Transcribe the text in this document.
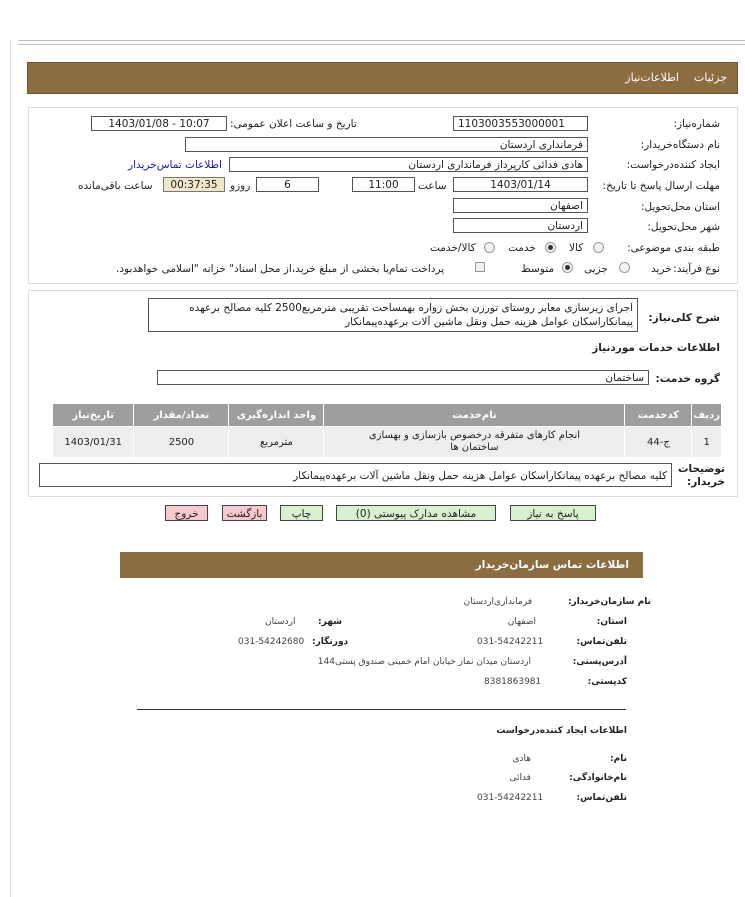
جزئیات
اطلاعات‌نیاز
شماره‌نیاز:
1103003553000001
تاریخ و ساعت اعلان عمومی:
1403/01/08 - 10:07
نام دستگاه‌خریدار:
فرمانداری اردستان
ایجاد کننده‌درخواست:
هادی فدائی کارپرداز فرمانداری اردستان
اطلاعات تماس‌خریدار
مهلت ارسال پاسخ تا تاریخ:
1403/01/14
ساعت
11:00
6
روزو
00:37:35
ساعت باقی‌مانده
استان محل‌تحویل:
اصفهان
شهر محل‌تحویل:
اردستان
طبقه بندی موضوعی:
کالا
خدمت
کالا/خدمت
نوع فرآیند:
خرید
جزیی
متوسط
پرداخت تمام‌یا بخشی از مبلغ خرید،از محل اسناد" خزانه "اسلامی خواهد‌بود.
شرح کلی‌نیاز:
اجرای زیرسازی معابر روستای تورزن بخش زواره بهمساحت تقریبی مترمربع2500 کلیه مصالح برعهده پیمانکاراسکان عوامل هزینه حمل ونقل ماشین آلات برعهده‌پیمانکار
اطلاعات خدمات موردنیاز
گروه خدمت:
ساختمان
ردیف	کدخدمت	نام‌خدمت	واحد اندازه‌گیری	تعداد/مقدار	تاریخ‌نیاز
1	ج-44	انجام کارهای متفرقه درخصوص بازسازی و بهسازی ساختمان ها	مترمربع	2500	1403/01/31
توضیحات خریدار:
کلیه مصالح برعهده پیمانکاراسکان عوامل هزینه حمل ونقل ماشین آلات برعهده‌پیمانکار
پاسخ به نیاز
مشاهده مدارک پیوستی (0)
چاپ
بازگشت
خروج
اطلاعات تماس سازمان‌خریدار
نام سازمان‌خریدار:
فرمانداری‌اردستان
استان:
اصفهان
شهر:
اردستان
تلفن‌تماس:
031-54242211
دورنگار:
031-54242680
آدرس‌پستی:
اردستان میدان نماز خیابان امام خمینی صندوق پستی144
کدپستی:
8381863981
اطلاعات ایجاد کننده‌درخواست
نام:
هادی
نام‌خانوادگی:
فدائی
تلفن‌تماس:
031-54242211
